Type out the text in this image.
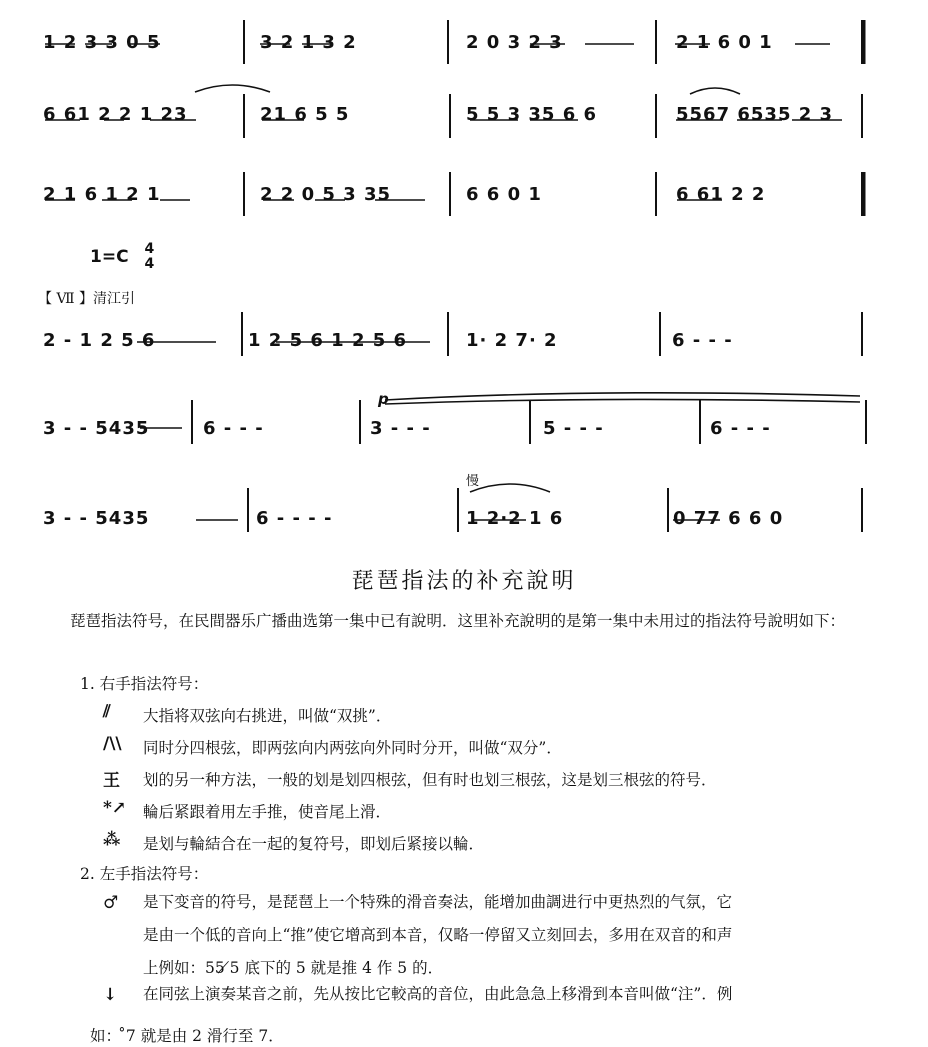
1 2 3 3 0 5	3 2 1 3 2	2 0 3 2 3	2 1 6 0 1
6 61 2 2 1 23	21 6 5 5	5 5 3 35 6 6	5567 6535 2 3
2 1 6 1 2 1	2 2 0 5 3 35	6 6 0 1	6 61 2 2
1=C 4
4
【 Ⅶ 】清江引
2 - 1 2 5 6	1 2 5 6 1 2 5 6	1· 2 7· 2	6 - - -
p
3 - - 5435	6 - - -	3 - - -	5 - - -	6 - - -
慢
3 - - 5435	6 - - - -	1 2·2 1 6	0 77 6 6 0
琵琶指法的补充說明
琵琶指法符号，在民間器乐广播曲选第一集中已有說明．这里补充說明的是第一集中未用过的指法符号說明如下：
1. 右手指法符号：
⫽ 大指将双弦向右挑进，叫做“双挑”．
/\\ 同时分四根弦，即两弦向内两弦向外同时分开，叫做“双分”．
王 划的另一种方法，一般的划是划四根弦，但有时也划三根弦，这是划三根弦的符号．
*↗ 輪后紧跟着用左手推，使音尾上滑．
⁂ 是划与輪結合在一起的复符号，即划后紧接以輪．
2. 左手指法符号：
♂ 是下变音的符号，是琵琶上一个特殊的滑音奏法，能增加曲調进行中更热烈的气氛，它
是由一个低的音向上“推”使它增高到本音，仅略一停留又立刻回去，多用在双音的和声
上例如：55 ̸5 底下的 5 就是推 4 作 5 的．
↓ 在同弦上演奏某音之前，先从按比它較高的音位，由此急急上移滑到本音叫做“注”．例
如： ̊7 就是由 2 滑行至 7．
